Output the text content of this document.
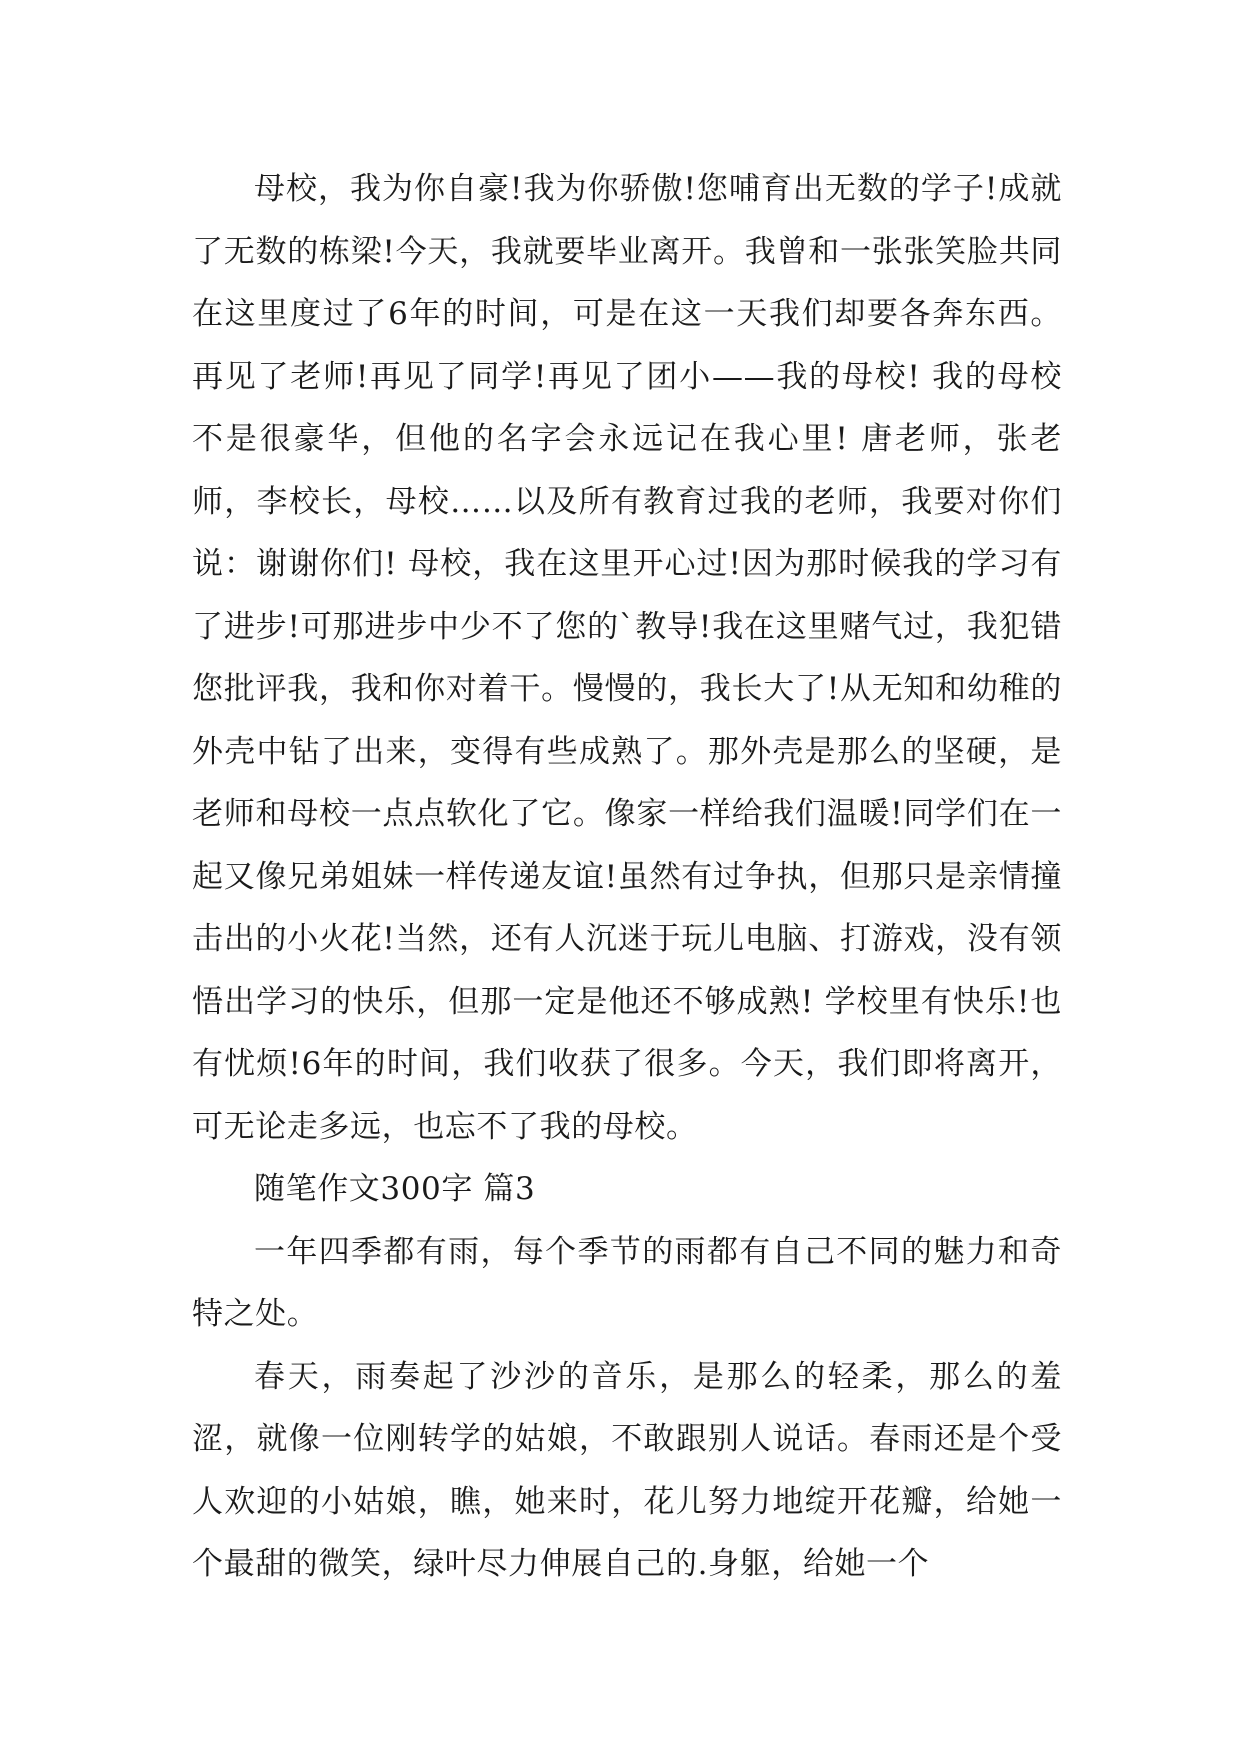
母校，我为你自豪!我为你骄傲!您哺育出无数的学子!成就了无数的栋梁!今天，我就要毕业离开。我曾和一张张笑脸共同在这里度过了6年的时间，可是在这一天我们却要各奔东西。再见了老师!再见了同学!再见了团小——我的母校! 我的母校不是很豪华，但他的名字会永远记在我心里! 唐老师，张老师，李校长，母校……以及所有教育过我的老师，我要对你们说：谢谢你们! 母校，我在这里开心过!因为那时候我的学习有了进步!可那进步中少不了您的`教导!我在这里赌气过，我犯错您批评我，我和你对着干。慢慢的，我长大了!从无知和幼稚的外壳中钻了出来，变得有些成熟了。那外壳是那么的坚硬，是老师和母校一点点软化了它。像家一样给我们温暖!同学们在一起又像兄弟姐妹一样传递友谊!虽然有过争执，但那只是亲情撞击出的小火花!当然，还有人沉迷于玩儿电脑、打游戏，没有领悟出学习的快乐，但那一定是他还不够成熟! 学校里有快乐!也有忧烦!6年的时间，我们收获了很多。今天，我们即将离开，可无论走多远，也忘不了我的母校。

随笔作文300字 篇3

一年四季都有雨，每个季节的雨都有自己不同的魅力和奇特之处。

春天，雨奏起了沙沙的音乐，是那么的轻柔，那么的羞涩，就像一位刚转学的姑娘，不敢跟别人说话。春雨还是个受人欢迎的小姑娘，瞧，她来时，花儿努力地绽开花瓣，给她一个最甜的微笑，绿叶尽力伸展自己的.身躯，给她一个
